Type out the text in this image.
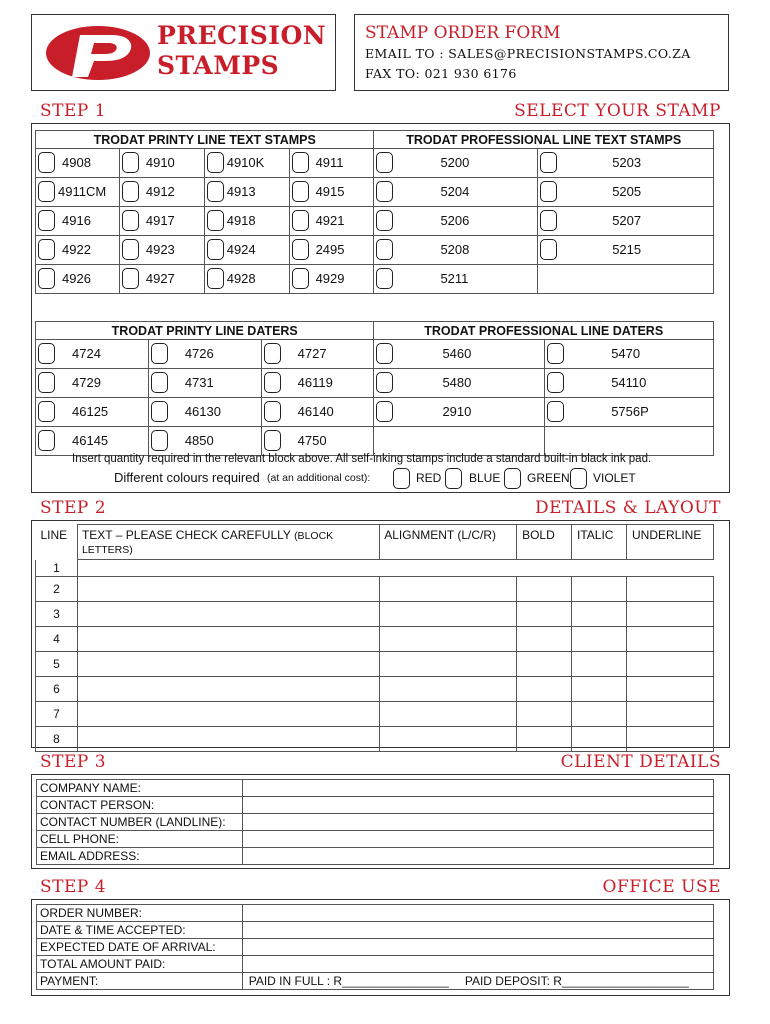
PRECISION
STAMPS
STAMP ORDER FORM
EMAIL TO : SALES@PRECISIONSTAMPS.CO.ZA
FAX TO: 021 930 6176
STEP 1	SELECT YOUR STAMP
TRODAT PRINTY LINE TEXT STAMPS				TRODAT PROFESSIONAL LINE TEXT STAMPS	

4908	4910	4910K	4911	5200	5203

4911CM	4912	4913	4915	5204	5205

4916	4917	4918	4921	5206	5207

4922	4923	4924	2495	5208	5215

4926	4927	4928	4929	5211	

TRODAT PRINTY LINE DATERS			TRODAT PROFESSIONAL LINE DATERS	

4724	4726	4727	5460	5470

4729	4731	46119	5480	54110

46125	46130	46140	2910	5756P

46145	4850	4750		

Insert quantity required in the relevant block above. All self-inking stamps include a standard built-in black ink pad.
Different colours required (at an additional cost):	RED BLUE GREEN VIOLET
STEP 2	DETAILS & LAYOUT
LINE	TEXT – PLEASE CHECK CAREFULLY (BLOCK LETTERS)	ALIGNMENT (L/C/R)	BOLD	ITALIC	UNDERLINE
1					
2					
3					
4					
5					
6					
7					
8					
STEP 3	CLIENT DETAILS
COMPANY NAME:	
CONTACT PERSON:	
CONTACT NUMBER (LANDLINE):	
CELL PHONE:	
EMAIL ADDRESS:	
STEP 4	OFFICE USE
ORDER NUMBER:	
DATE & TIME ACCEPTED:	
EXPECTED DATE OF ARRIVAL:	
TOTAL AMOUNT PAID:	
PAYMENT:	PAID IN FULL : R________________ PAID DEPOSIT: R___________________
